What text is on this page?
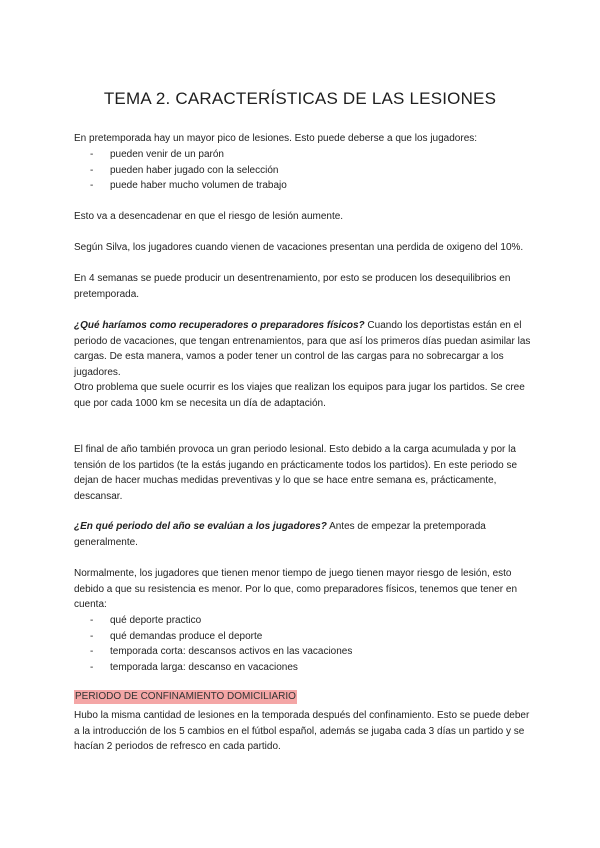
TEMA 2. CARACTERÍSTICAS DE LAS LESIONES
En pretemporada hay un mayor pico de lesiones. Esto puede deberse a que los jugadores:
- pueden venir de un parón
- pueden haber jugado con la selección
- puede haber mucho volumen de trabajo
Esto va a desencadenar en que el riesgo de lesión aumente.
Según Silva, los jugadores cuando vienen de vacaciones presentan una perdida de oxigeno del 10%.
En 4 semanas se puede producir un desentrenamiento, por esto se producen los desequilibrios en pretemporada.
¿Qué haríamos como recuperadores o preparadores físicos? Cuando los deportistas están en el periodo de vacaciones, que tengan entrenamientos, para que así los primeros días puedan asimilar las cargas. De esta manera, vamos a poder tener un control de las cargas para no sobrecargar a los jugadores.
Otro problema que suele ocurrir es los viajes que realizan los equipos para jugar los partidos. Se cree que por cada 1000 km se necesita un día de adaptación.
El final de año también provoca un gran periodo lesional. Esto debido a la carga acumulada y por la tensión de los partidos (te la estás jugando en prácticamente todos los partidos). En este periodo se dejan de hacer muchas medidas preventivas y lo que se hace entre semana es, prácticamente, descansar.
¿En qué periodo del año se evalúan a los jugadores? Antes de empezar la pretemporada generalmente.
Normalmente, los jugadores que tienen menor tiempo de juego tienen mayor riesgo de lesión, esto debido a que su resistencia es menor. Por lo que, como preparadores físicos, tenemos que tener en cuenta:
- qué deporte practico
- qué demandas produce el deporte
- temporada corta: descansos activos en las vacaciones
- temporada larga: descanso en vacaciones
PERIODO DE CONFINAMIENTO DOMICILIARIO
Hubo la misma cantidad de lesiones en la temporada después del confinamiento. Esto se puede deber a la introducción de los 5 cambios en el fútbol español, además se jugaba cada 3 días un partido y se hacían 2 periodos de refresco en cada partido.
